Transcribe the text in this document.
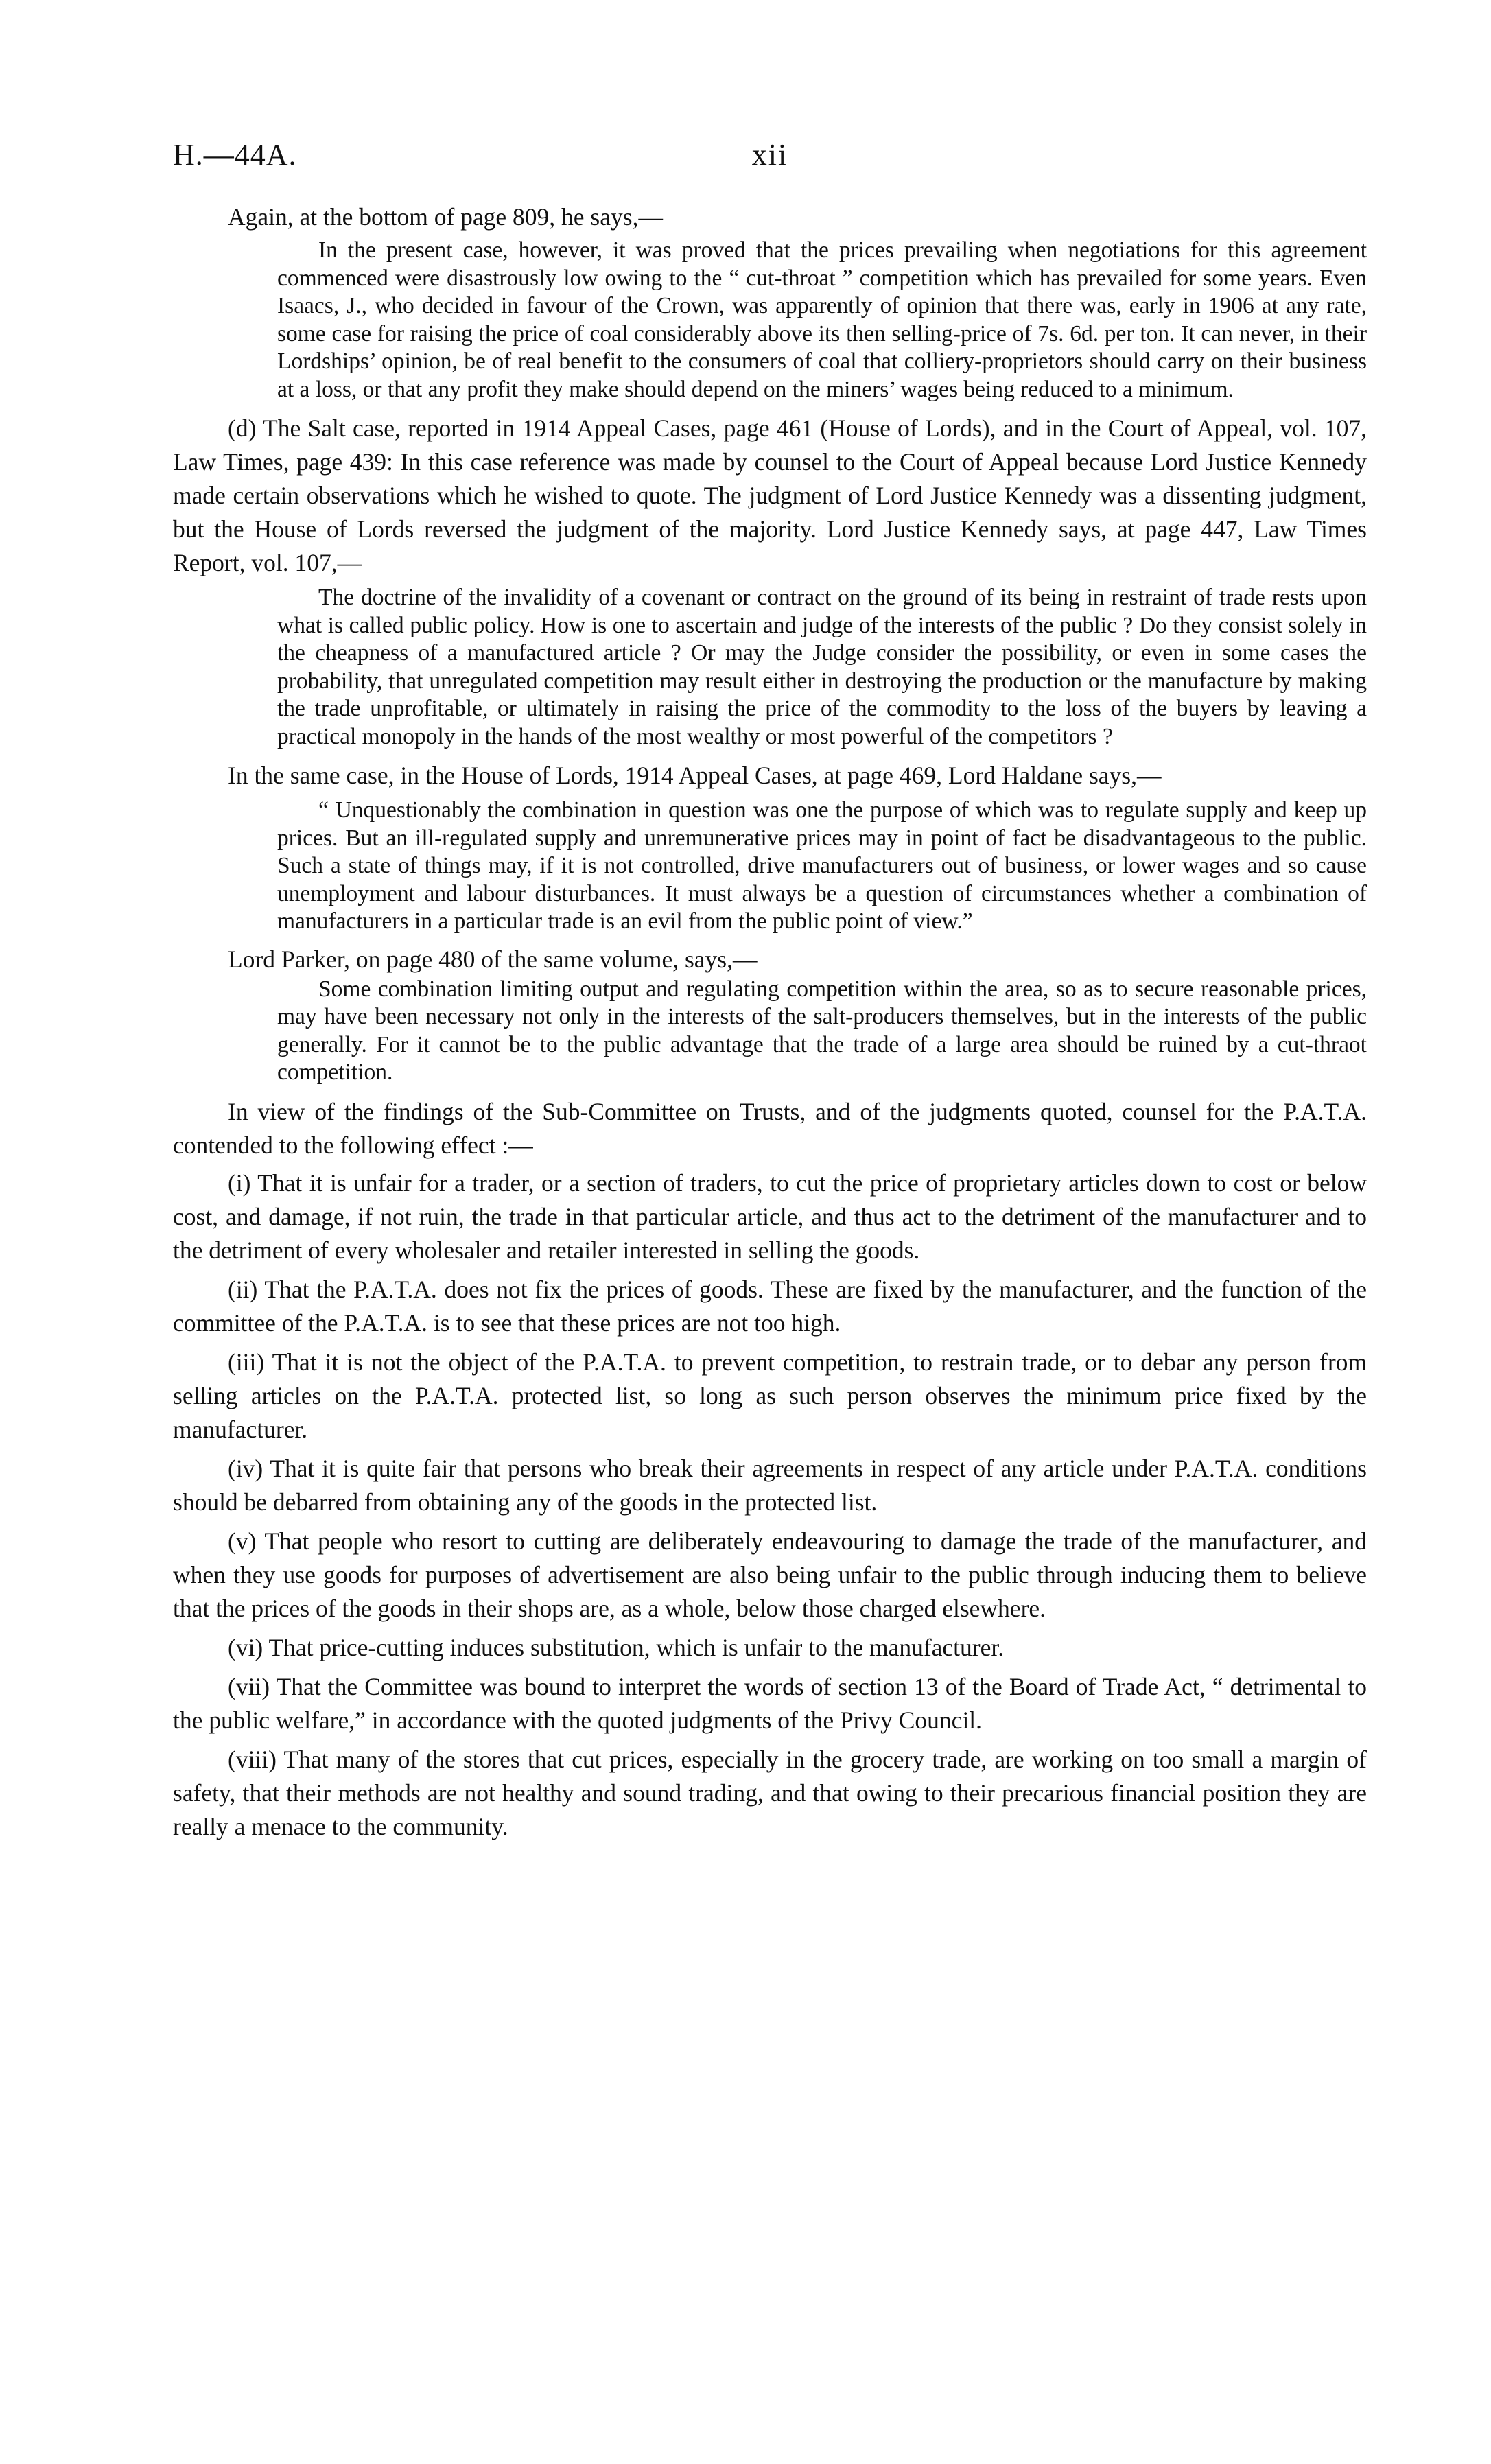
H.—44A.	xii

Again, at the bottom of page 809, he says,—

In the present case, however, it was proved that the prices prevailing when negotiations for this agreement commenced were disastrously low owing to the “ cut-throat ” competition which has prevailed for some years. Even Isaacs, J., who decided in favour of the Crown, was apparently of opinion that there was, early in 1906 at any rate, some case for raising the price of coal considerably above its then selling-price of 7s. 6d. per ton. It can never, in their Lordships’ opinion, be of real benefit to the consumers of coal that colliery-proprietors should carry on their business at a loss, or that any profit they make should depend on the miners’ wages being reduced to a minimum.

(d) The Salt case, reported in 1914 Appeal Cases, page 461 (House of Lords), and in the Court of Appeal, vol. 107, Law Times, page 439: In this case reference was made by counsel to the Court of Appeal because Lord Justice Kennedy made certain observations which he wished to quote. The judgment of Lord Justice Kennedy was a dissenting judgment, but the House of Lords reversed the judgment of the majority. Lord Justice Kennedy says, at page 447, Law Times Report, vol. 107,—

The doctrine of the invalidity of a covenant or contract on the ground of its being in restraint of trade rests upon what is called public policy. How is one to ascertain and judge of the interests of the public ? Do they consist solely in the cheapness of a manufactured article ? Or may the Judge consider the possibility, or even in some cases the probability, that unregulated competition may result either in destroying the production or the manufacture by making the trade unprofitable, or ultimately in raising the price of the commodity to the loss of the buyers by leaving a practical monopoly in the hands of the most wealthy or most powerful of the competitors ?

In the same case, in the House of Lords, 1914 Appeal Cases, at page 469, Lord Haldane says,—

“ Unquestionably the combination in question was one the purpose of which was to regulate supply and keep up prices. But an ill-regulated supply and unremunerative prices may in point of fact be disadvantageous to the public. Such a state of things may, if it is not controlled, drive manufacturers out of business, or lower wages and so cause unemployment and labour disturbances. It must always be a question of circumstances whether a combination of manufacturers in a particular trade is an evil from the public point of view.”

Lord Parker, on page 480 of the same volume, says,—

Some combination limiting output and regulating competition within the area, so as to secure reasonable prices, may have been necessary not only in the interests of the salt-producers themselves, but in the interests of the public generally. For it cannot be to the public advantage that the trade of a large area should be ruined by a cut-thraot competition.

In view of the findings of the Sub-Committee on Trusts, and of the judgments quoted, counsel for the P.A.T.A. contended to the following effect :—

(i) That it is unfair for a trader, or a section of traders, to cut the price of proprietary articles down to cost or below cost, and damage, if not ruin, the trade in that particular article, and thus act to the detriment of the manufacturer and to the detriment of every wholesaler and retailer interested in selling the goods.

(ii) That the P.A.T.A. does not fix the prices of goods. These are fixed by the manufacturer, and the function of the committee of the P.A.T.A. is to see that these prices are not too high.

(iii) That it is not the object of the P.A.T.A. to prevent competition, to restrain trade, or to debar any person from selling articles on the P.A.T.A. protected list, so long as such person observes the minimum price fixed by the manufacturer.

(iv) That it is quite fair that persons who break their agreements in respect of any article under P.A.T.A. conditions should be debarred from obtaining any of the goods in the protected list.

(v) That people who resort to cutting are deliberately endeavouring to damage the trade of the manufacturer, and when they use goods for purposes of advertisement are also being unfair to the public through inducing them to believe that the prices of the goods in their shops are, as a whole, below those charged elsewhere.

(vi) That price-cutting induces substitution, which is unfair to the manufacturer.

(vii) That the Committee was bound to interpret the words of section 13 of the Board of Trade Act, “ detrimental to the public welfare,” in accordance with the quoted judgments of the Privy Council.

(viii) That many of the stores that cut prices, especially in the grocery trade, are working on too small a margin of safety, that their methods are not healthy and sound trading, and that owing to their precarious financial position they are really a menace to the community.
